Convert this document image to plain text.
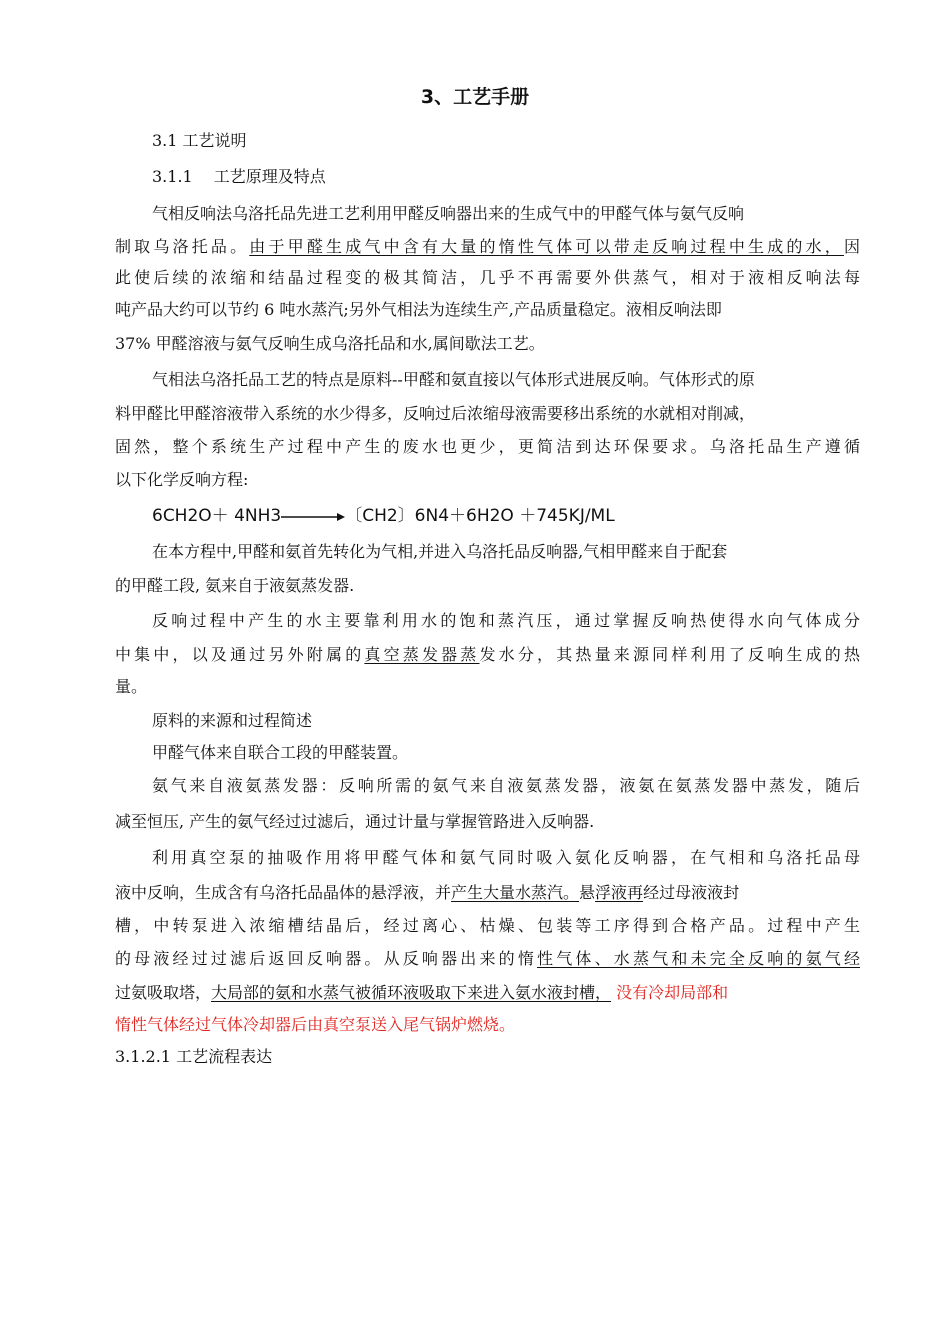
3、工艺手册
3.1 工艺说明
3.1.1　 工艺原理及特点
气相反响法乌洛托品先进工艺利用甲醛反响器出来的生成气中的甲醛气体与氨气反响
制取乌洛托品。由于甲醛生成气中含有大量的惰性气体可以带走反响过程中生成的水，因
此使后续的浓缩和结晶过程变的极其简洁，几乎不再需要外供蒸气，相对于液相反响法每
吨产品大约可以节约 6 吨水蒸汽;另外气相法为连续生产,产品质量稳定。液相反响法即
37% 甲醛溶液与氨气反响生成乌洛托品和水,属间歇法工艺。
气相法乌洛托品工艺的特点是原料--甲醛和氨直接以气体形式进展反响。气体形式的原
料甲醛比甲醛溶液带入系统的水少得多，反响过后浓缩母液需要移出系统的水就相对削减，
固然，整个系统生产过程中产生的废水也更少，更简洁到达环保要求。乌洛托品生产遵循
以下化学反响方程:
6CH2O＋ 4NH3→〔CH2〕6N4＋6H2O ＋745KJ/ML
在本方程中,甲醛和氨首先转化为气相,并进入乌洛托品反响器,气相甲醛来自于配套
的甲醛工段, 氨来自于液氨蒸发器.
反响过程中产生的水主要靠利用水的饱和蒸汽压，通过掌握反响热使得水向气体成分
中集中，以及通过另外附属的真空蒸发器蒸发水分，其热量来源同样利用了反响生成的热
量。
原料的来源和过程简述
甲醛气体来自联合工段的甲醛装置。
氨气来自液氨蒸发器：反响所需的氨气来自液氨蒸发器，液氨在氨蒸发器中蒸发，随后
减至恒压, 产生的氨气经过过滤后，通过计量与掌握管路进入反响器.
利用真空泵的抽吸作用将甲醛气体和氨气同时吸入氨化反响器，在气相和乌洛托品母
液中反响，生成含有乌洛托品晶体的悬浮液，并产生大量水蒸汽。悬浮液再经过母液液封
槽，中转泵进入浓缩槽结晶后，经过离心、枯燥、包装等工序得到合格产品。过程中产生
的母液经过过滤后返回反响器。从反响器出来的惰性气体、水蒸气和未完全反响的氨气经
过氨吸取塔，大局部的氨和水蒸气被循环液吸取下来进入氨水液封槽， 没有冷却局部和
惰性气体经过气体冷却器后由真空泵送入尾气锅炉燃烧。
3.1.2.1 工艺流程表达
